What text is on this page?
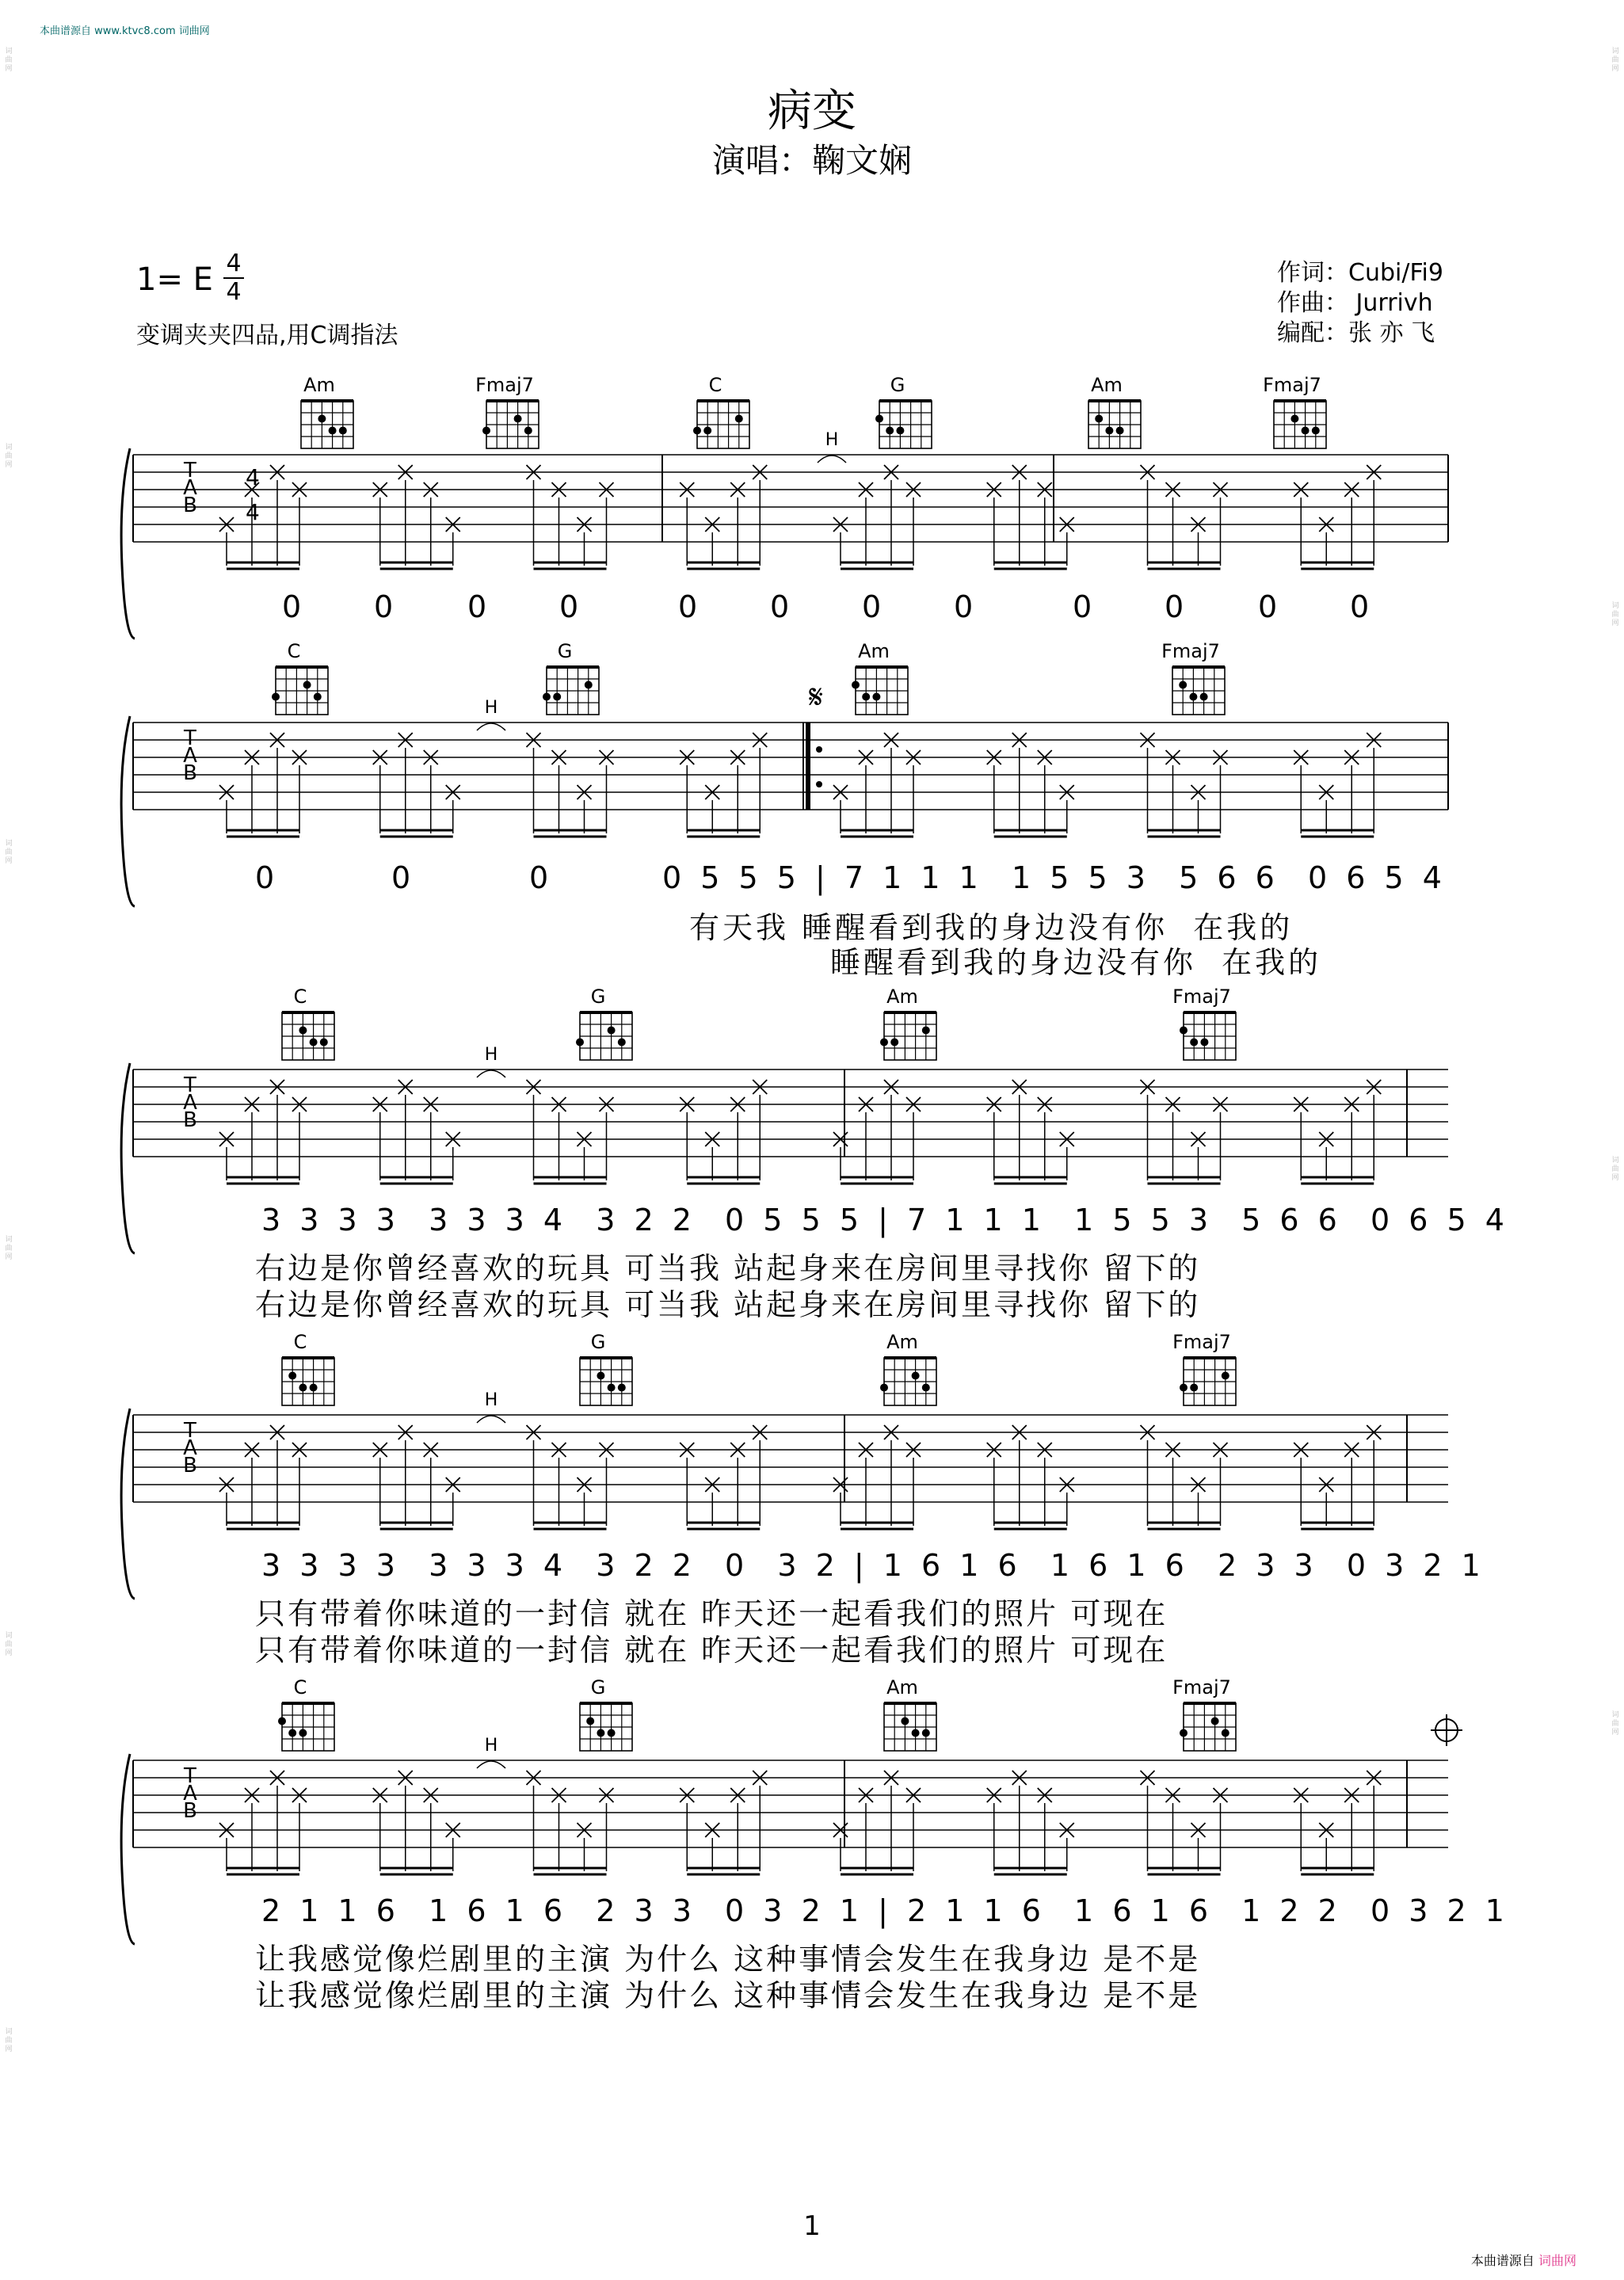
本曲谱源自 www.ktvc8.com 词曲网
本曲谱源自 词曲网
词曲网
词曲网
词曲网
词曲网
词曲网
词曲网
词曲网
词曲网
词曲网
词曲网
病变
演唱：鞠文娴
1= E 4
4
变调夹夹四品,用C调指法
作词：Cubi/Fi9
作曲： Jurrivh
编配：张 亦 飞
T
A
B
H
T
A
B
H
T
A
B
H
T
A
B
H
T
A
B
H
4
4
𝄋
Am	Fmaj7	C	G	Am	Fmaj7
C	G	Am	Fmaj7
C	G	Am	Fmaj7
C	G	Am	Fmaj7
C	G	Am	Fmaj7
0 0 0 0	0 0 0 0	0 0 0 0
0	0	0	0 5 5 5 | 7 1 1 1  1 5 5 3  5 6 6  0 6 5 4
有天我 睡醒看到我的身边没有你  在我的
睡醒看到我的身边没有你  在我的
3 3 3 3  3 3 3 4  3 2 2  0 5 5 5 | 7 1 1 1  1 5 5 3  5 6 6  0 6 5 4
右边是你曾经喜欢的玩具 可当我 站起身来在房间里寻找你 留下的
右边是你曾经喜欢的玩具 可当我 站起身来在房间里寻找你 留下的
3 3 3 3  3 3 3 4  3 2 2  0  3 2 | 1 6 1 6  1 6 1 6  2 3 3  0 3 2 1
只有带着你味道的一封信 就在 昨天还一起看我们的照片 可现在
只有带着你味道的一封信 就在 昨天还一起看我们的照片 可现在
2 1 1 6  1 6 1 6  2 3 3  0 3 2 1 | 2 1 1 6  1 6 1 6  1 2 2  0 3 2 1
让我感觉像烂剧里的主演 为什么 这种事情会发生在我身边 是不是
让我感觉像烂剧里的主演 为什么 这种事情会发生在我身边 是不是
1
